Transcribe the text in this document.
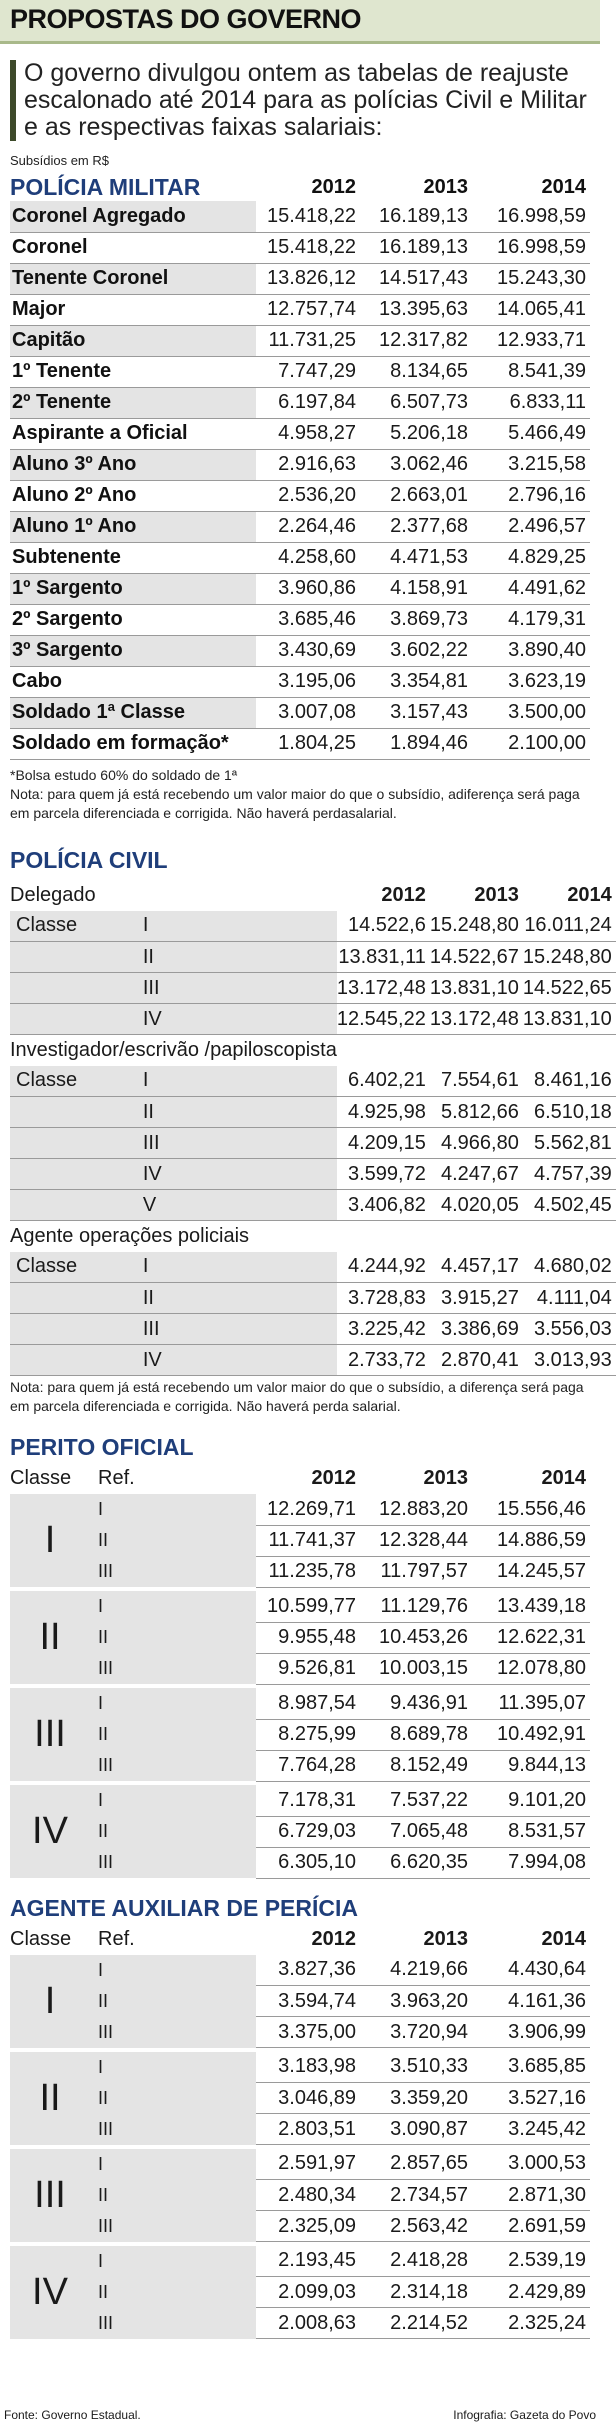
PROPOSTAS DO GOVERNO

O governo divulgou ontem as tabelas de reajuste escalonado até 2014 para as polícias Civil e Militar e as respectivas faixas salariais:

Subsídios em R$

POLÍCIA MILITAR	2012	2013	2014
Coronel Agregado	15.418,22	16.189,13	16.998,59
Coronel	15.418,22	16.189,13	16.998,59
Tenente Coronel	13.826,12	14.517,43	15.243,30
Major	12.757,74	13.395,63	14.065,41
Capitão	11.731,25	12.317,82	12.933,71
1º Tenente	7.747,29	8.134,65	8.541,39
2º Tenente	6.197,84	6.507,73	6.833,11
Aspirante a Oficial	4.958,27	5.206,18	5.466,49
Aluno 3º Ano	2.916,63	3.062,46	3.215,58
Aluno 2º Ano	2.536,20	2.663,01	2.796,16
Aluno 1º Ano	2.264,46	2.377,68	2.496,57
Subtenente	4.258,60	4.471,53	4.829,25
1º Sargento	3.960,86	4.158,91	4.491,62
2º Sargento	3.685,46	3.869,73	4.179,31
3º Sargento	3.430,69	3.602,22	3.890,40
Cabo	3.195,06	3.354,81	3.623,19
Soldado 1ª Classe	3.007,08	3.157,43	3.500,00
Soldado em formação*	1.804,25	1.894,46	2.100,00

*Bolsa estudo 60% do soldado de 1ª

Nota: para quem já está recebendo um valor maior do que o subsídio, adiferença será paga em parcela diferenciada e corrigida. Não haverá perdasalarial.

POLÍCIA CIVIL
Delegado		2012	2013	2014
Classe	I	14.522,6	15.248,80	16.011,24
	II	13.831,11	14.522,67	15.248,80
	III	13.172,48	13.831,10	14.522,65
	IV	12.545,22	13.172,48	13.831,10
Investigador/escrivão /papiloscopista				
Classe	I	6.402,21	7.554,61	8.461,16
	II	4.925,98	5.812,66	6.510,18
	III	4.209,15	4.966,80	5.562,81
	IV	3.599,72	4.247,67	4.757,39
	V	3.406,82	4.020,05	4.502,45
Agente operações policiais				
Classe	I	4.244,92	4.457,17	4.680,02
	II	3.728,83	3.915,27	4.111,04
	III	3.225,42	3.386,69	3.556,03
	IV	2.733,72	2.870,41	3.013,93

Nota: para quem já está recebendo um valor maior do que o subsídio, a diferença será paga em parcela diferenciada e corrigida. Não haverá perda salarial.

PERITO OFICIAL
Classe	Ref.	2012	2013	2014
I	I	12.269,71	12.883,20	15.556,46
	II	11.741,37	12.328,44	14.886,59
	III	11.235,78	11.797,57	14.245,57

II	I	10.599,77	11.129,76	13.439,18
	II	9.955,48	10.453,26	12.622,31
	III	9.526,81	10.003,15	12.078,80

III	I	8.987,54	9.436,91	11.395,07
	II	8.275,99	8.689,78	10.492,91
	III	7.764,28	8.152,49	9.844,13

IV	I	7.178,31	7.537,22	9.101,20
	II	6.729,03	7.065,48	8.531,57
	III	6.305,10	6.620,35	7.994,08
AGENTE AUXILIAR DE PERÍCIA
Classe	Ref.	2012	2013	2014
I	I	3.827,36	4.219,66	4.430,64
	II	3.594,74	3.963,20	4.161,36
	III	3.375,00	3.720,94	3.906,99

II	I	3.183,98	3.510,33	3.685,85
	II	3.046,89	3.359,20	3.527,16
	III	2.803,51	3.090,87	3.245,42

III	I	2.591,97	2.857,65	3.000,53
	II	2.480,34	2.734,57	2.871,30
	III	2.325,09	2.563,42	2.691,59

IV	I	2.193,45	2.418,28	2.539,19
	II	2.099,03	2.314,18	2.429,89
	III	2.008,63	2.214,52	2.325,24
Fonte: Governo Estadual.	Infografia: Gazeta do Povo
